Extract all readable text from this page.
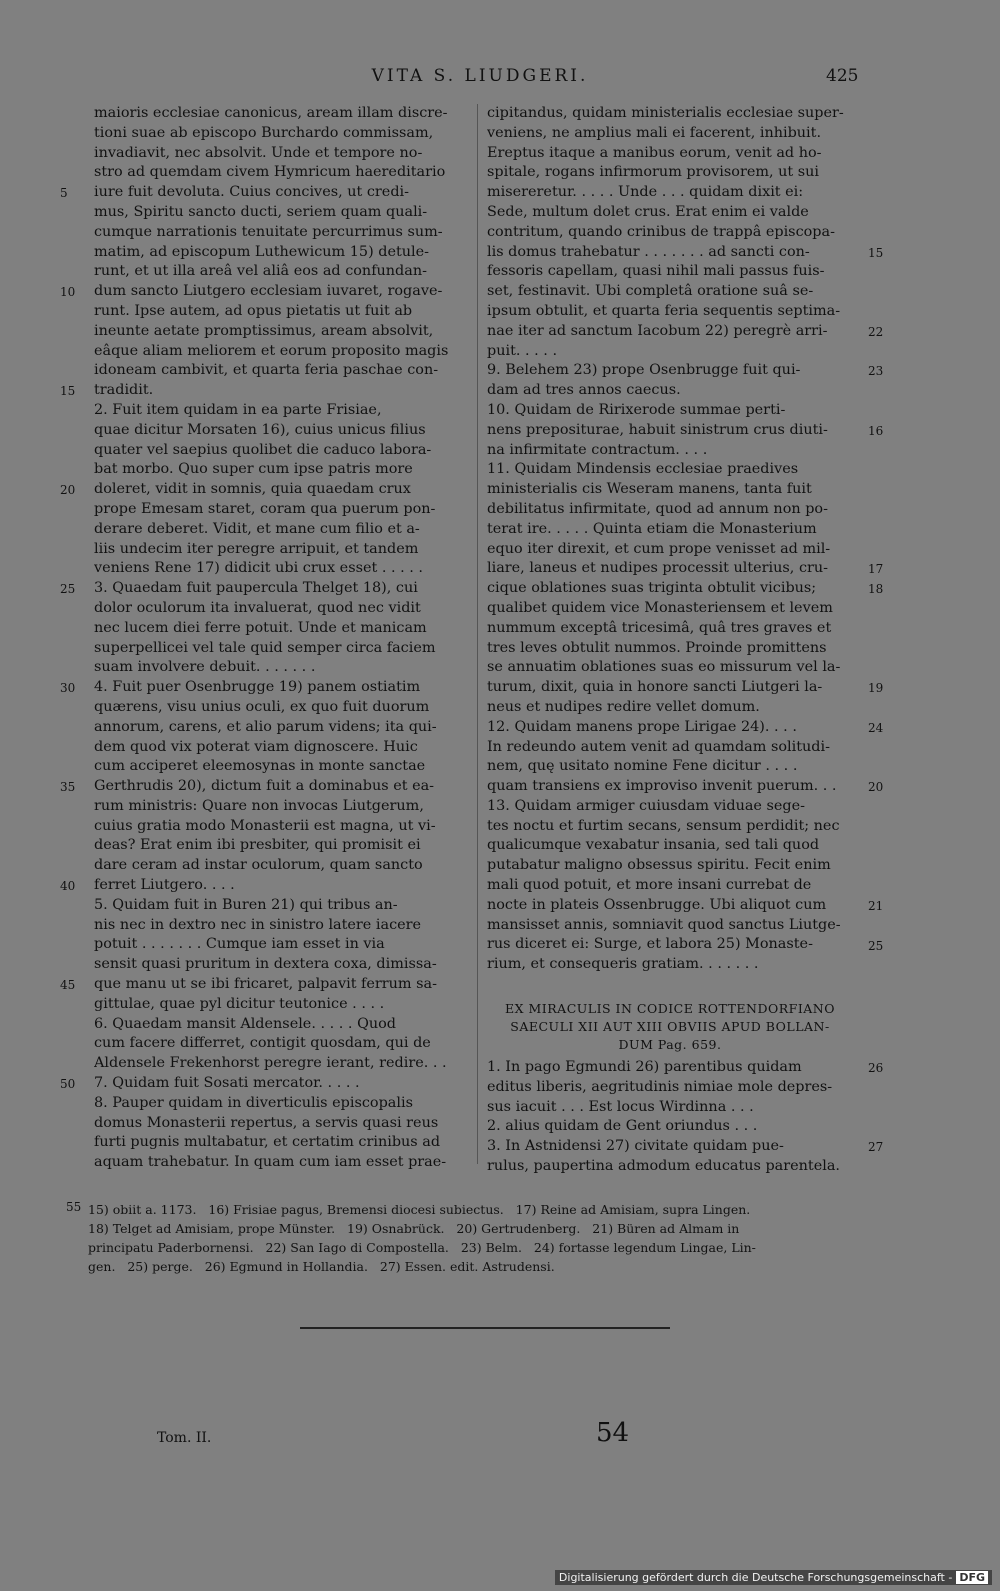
VITA S. LIUDGERI.	425
maioris ecclesiae canonicus, aream illam discre-
tioni suae ab episcopo Burchardo commissam,
invadiavit, nec absolvit. Unde et tempore no-
stro ad quemdam civem Hymricum haereditario
iure fuit devoluta. Cuius concives, ut credi-
mus, Spiritu sancto ducti, seriem quam quali-
cumque narrationis tenuitate percurrimus sum-
matim, ad episcopum Luthewicum 15) detule-
runt, et ut illa areâ vel aliâ eos ad confundan-
dum sancto Liutgero ecclesiam iuvaret, rogave-
runt. Ipse autem, ad opus pietatis ut fuit ab
ineunte aetate promptissimus, aream absolvit,
eâque aliam meliorem et eorum proposito magis
idoneam cambivit, et quarta feria paschae con-
tradidit.
2. Fuit item quidam in ea parte Frisiae,
quae dicitur Morsaten 16), cuius unicus filius
quater vel saepius quolibet die caduco labora-
bat morbo. Quo super cum ipse patris more
doleret, vidit in somnis, quia quaedam crux
prope Emesam staret, coram qua puerum pon-
derare deberet. Vidit, et mane cum filio et a-
liis undecim iter peregre arripuit, et tandem
veniens Rene 17) didicit ubi crux esset . . . . .
3. Quaedam fuit paupercula Thelget 18), cui
dolor oculorum ita invaluerat, quod nec vidit
nec lucem diei ferre potuit. Unde et manicam
superpellicei vel tale quid semper circa faciem
suam involvere debuit. . . . . . .
4. Fuit puer Osenbrugge 19) panem ostiatim
quærens, visu unius oculi, ex quo fuit duorum
annorum, carens, et alio parum videns; ita qui-
dem quod vix poterat viam dignoscere. Huic
cum acciperet eleemosynas in monte sanctae
Gerthrudis 20), dictum fuit a dominabus et ea-
rum ministris: Quare non invocas Liutgerum,
cuius gratia modo Monasterii est magna, ut vi-
deas? Erat enim ibi presbiter, qui promisit ei
dare ceram ad instar oculorum, quam sancto
ferret Liutgero. . . .
5. Quidam fuit in Buren 21) qui tribus an-
nis nec in dextro nec in sinistro latere iacere
potuit . . . . . . . Cumque iam esset in via
sensit quasi pruritum in dextera coxa, dimissa-
que manu ut se ibi fricaret, palpavit ferrum sa-
gittulae, quae pyl dicitur teutonice . . . .
6. Quaedam mansit Aldensele. . . . . Quod
cum facere differret, contigit quosdam, qui de
Aldensele Frekenhorst peregre ierant, redire. . .
7. Quidam fuit Sosati mercator. . . . .
8. Pauper quidam in diverticulis episcopalis
domus Monasterii repertus, a servis quasi reus
furti pugnis multabatur, et certatim crinibus ad
aquam trahebatur. In quam cum iam esset prae-
5
10
15
20
25
30
35
40
45
50
cipitandus, quidam ministerialis ecclesiae super-
veniens, ne amplius mali ei facerent, inhibuit.
Ereptus itaque a manibus eorum, venit ad ho-
spitale, rogans infirmorum provisorem, ut sui
misereretur. . . . . Unde . . . quidam dixit ei:
Sede, multum dolet crus. Erat enim ei valde
contritum, quando crinibus de trappâ episcopa-
lis domus trahebatur . . . . . . . ad sancti con-
fessoris capellam, quasi nihil mali passus fuis-
set, festinavit. Ubi completâ oratione suâ se-
ipsum obtulit, et quarta feria sequentis septima-
nae iter ad sanctum Iacobum 22) peregrè arri-
puit. . . . .
9. Belehem 23) prope Osenbrugge fuit qui-
dam ad tres annos caecus.
10. Quidam de Ririxerode summae perti-
nens prepositurae, habuit sinistrum crus diuti-
na infirmitate contractum. . . .
11. Quidam Mindensis ecclesiae praedives
ministerialis cis Weseram manens, tanta fuit
debilitatus infirmitate, quod ad annum non po-
terat ire. . . . . Quinta etiam die Monasterium
equo iter direxit, et cum prope venisset ad mil-
liare, laneus et nudipes processit ulterius, cru-
cique oblationes suas triginta obtulit vicibus;
qualibet quidem vice Monasteriensem et levem
nummum exceptâ tricesimâ, quâ tres graves et
tres leves obtulit nummos. Proinde promittens
se annuatim oblationes suas eo missurum vel la-
turum, dixit, quia in honore sancti Liutgeri la-
neus et nudipes redire vellet domum.
12. Quidam manens prope Lirigae 24). . . .
In redeundo autem venit ad quamdam solitudi-
nem, quę usitato nomine Fene dicitur . . . .
quam transiens ex improviso invenit puerum. . .
13. Quidam armiger cuiusdam viduae sege-
tes noctu et furtim secans, sensum perdidit; nec
qualicumque vexabatur insania, sed tali quod
putabatur maligno obsessus spiritu. Fecit enim
mali quod potuit, et more insani currebat de
nocte in plateis Ossenbrugge. Ubi aliquot cum
mansisset annis, somniavit quod sanctus Liutge-
rus diceret ei: Surge, et labora 25) Monaste-
rium, et consequeris gratiam. . . . . . .
15
22
23
16
17
18
19
24
20
21
25
EX MIRACULIS IN CODICE ROTTENDORFIANO
SAECULI XII AUT XIII OBVIIS APUD BOLLAN-
DUM Pag. 659.
1. In pago Egmundi 26) parentibus quidam
editus liberis, aegritudinis nimiae mole depres-
sus iacuit . . . Est locus Wirdinna . . .
2. alius quidam de Gent oriundus . . .
3. In Astnidensi 27) civitate quidam pue-
rulus, paupertina admodum educatus parentela.
26
27
55 15) obiit a. 1173.   16) Frisiae pagus, Bremensi diocesi subiectus.   17) Reine ad Amisiam, supra Lingen.
18) Telget ad Amisiam, prope Münster.   19) Osnabrück.   20) Gertrudenberg.   21) Büren ad Almam in
principatu Paderbornensi.   22) San Iago di Compostella.   23) Belm.   24) fortasse legendum Lingae, Lin-
gen.   25) perge.   26) Egmund in Hollandia.   27) Essen. edit. Astrudensi.
Tom. II.	54
Digitalisierung gefördert durch die Deutsche Forschungsgemeinschaft - DFG
